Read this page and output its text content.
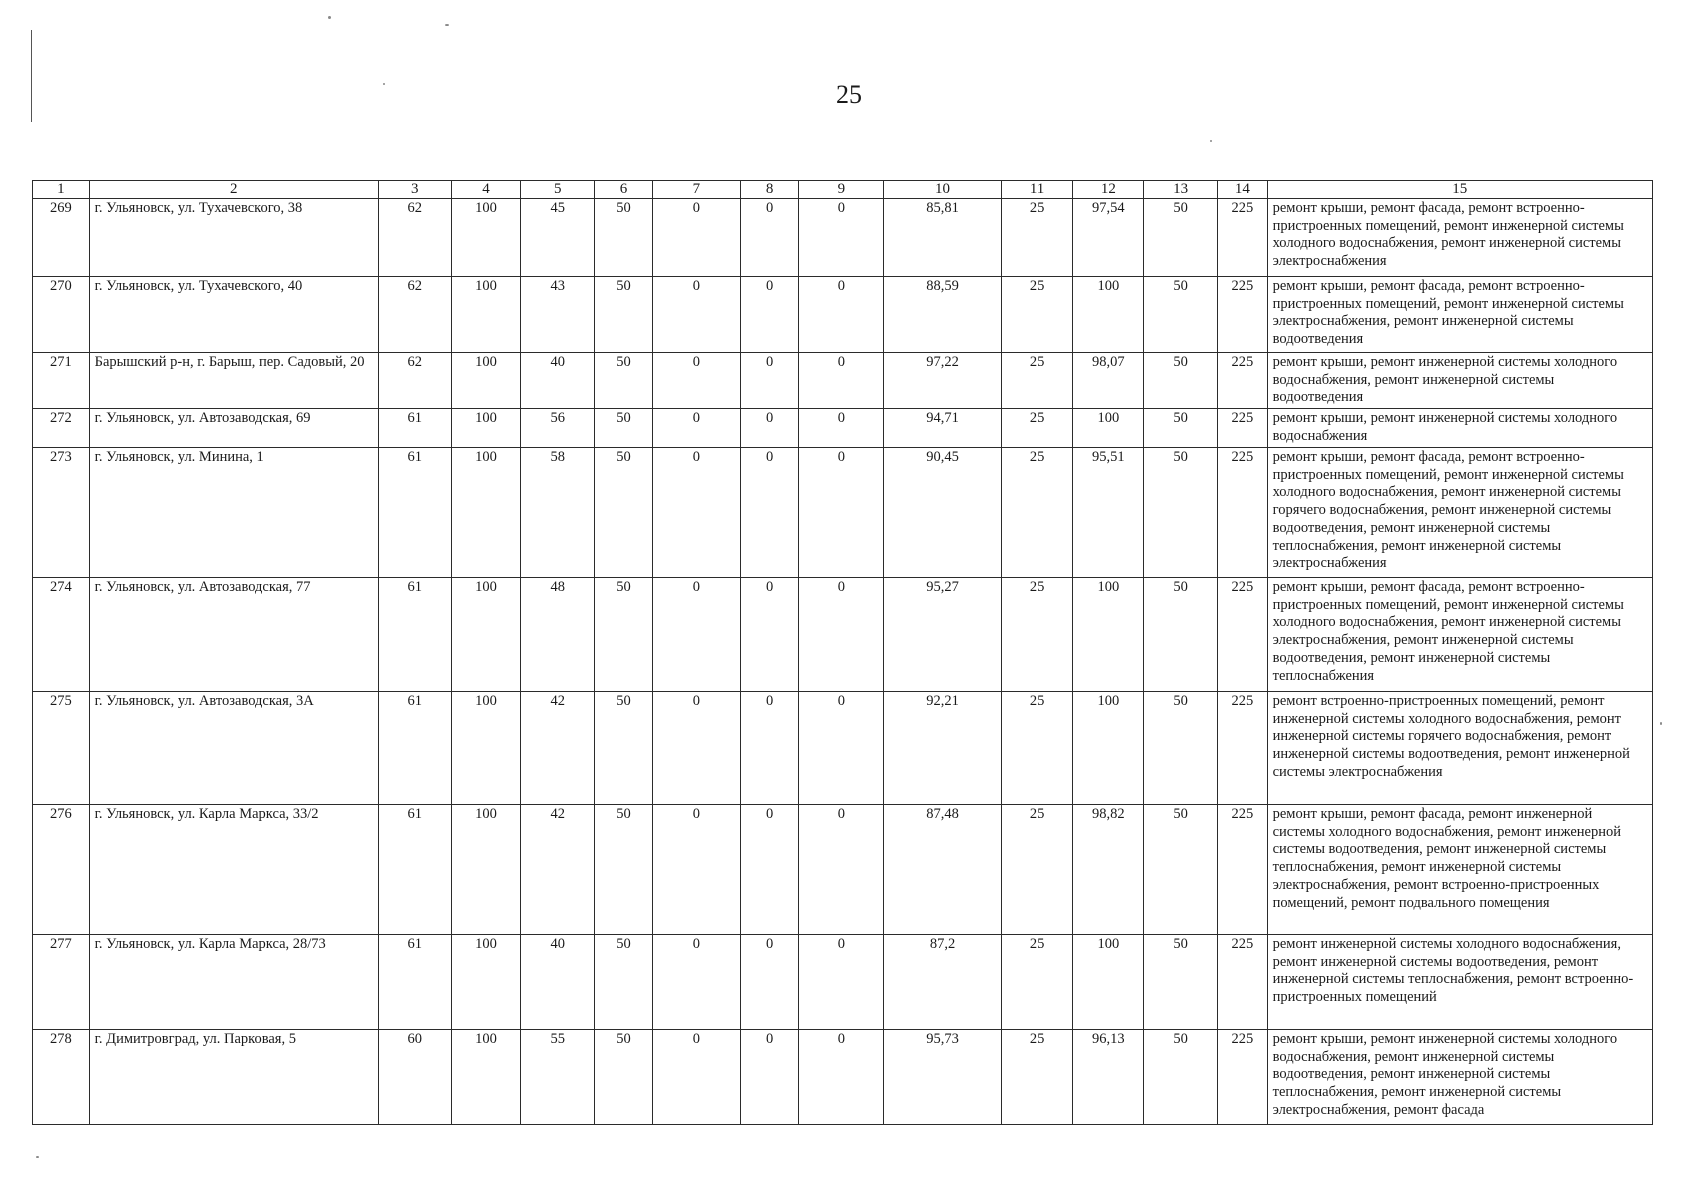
25
1	2	3	4	5	6	7	8	9	10	11	12	13	14	15
269	г. Ульяновск, ул. Тухачевского, 38	62	100	45	50	0	0	0	85,81	25	97,54	50	225	ремонт крыши, ремонт фасада, ремонт встроенно-пристроенных помещений, ремонт инженерной системы холодного водоснабжения, ремонт инженерной системы электроснабжения
270	г. Ульяновск, ул. Тухачевского, 40	62	100	43	50	0	0	0	88,59	25	100	50	225	ремонт крыши, ремонт фасада, ремонт встроенно-пристроенных помещений, ремонт инженерной системы электроснабжения, ремонт инженерной системы водоотведения
271	Барышский р-н, г. Барыш, пер. Садовый, 20	62	100	40	50	0	0	0	97,22	25	98,07	50	225	ремонт крыши, ремонт инженерной системы холодного водоснабжения, ремонт инженерной системы водоотведения
272	г. Ульяновск, ул. Автозаводская, 69	61	100	56	50	0	0	0	94,71	25	100	50	225	ремонт крыши, ремонт инженерной системы холодного водоснабжения
273	г. Ульяновск, ул. Минина, 1	61	100	58	50	0	0	0	90,45	25	95,51	50	225	ремонт крыши, ремонт фасада, ремонт встроенно-пристроенных помещений, ремонт инженерной системы холодного водоснабжения, ремонт инженерной системы горячего водоснабжения, ремонт инженерной системы водоотведения, ремонт инженерной системы теплоснабжения, ремонт инженерной системы электроснабжения
274	г. Ульяновск, ул. Автозаводская, 77	61	100	48	50	0	0	0	95,27	25	100	50	225	ремонт крыши, ремонт фасада, ремонт встроенно-пристроенных помещений, ремонт инженерной системы холодного водоснабжения, ремонт инженерной системы электроснабжения, ремонт инженерной системы водоотведения, ремонт инженерной системы теплоснабжения
275	г. Ульяновск, ул. Автозаводская, 3А	61	100	42	50	0	0	0	92,21	25	100	50	225	ремонт встроенно-пристроенных помещений, ремонт инженерной системы холодного водоснабжения, ремонт инженерной системы горячего водоснабжения, ремонт инженерной системы водоотведения, ремонт инженерной системы электроснабжения
276	г. Ульяновск, ул. Карла Маркса, 33/2	61	100	42	50	0	0	0	87,48	25	98,82	50	225	ремонт крыши, ремонт фасада, ремонт инженерной системы холодного водоснабжения, ремонт инженерной системы водоотведения, ремонт инженерной системы теплоснабжения, ремонт инженерной системы электроснабжения, ремонт встроенно-пристроенных помещений, ремонт подвального помещения
277	г. Ульяновск, ул. Карла Маркса, 28/73	61	100	40	50	0	0	0	87,2	25	100	50	225	ремонт инженерной системы холодного водоснабжения, ремонт инженерной системы водоотведения, ремонт инженерной системы теплоснабжения, ремонт встроенно-пристроенных помещений
278	г. Димитровград, ул. Парковая, 5	60	100	55	50	0	0	0	95,73	25	96,13	50	225	ремонт крыши, ремонт инженерной системы холодного водоснабжения, ремонт инженерной системы водоотведения, ремонт инженерной системы теплоснабжения, ремонт инженерной системы электроснабжения, ремонт фасада
